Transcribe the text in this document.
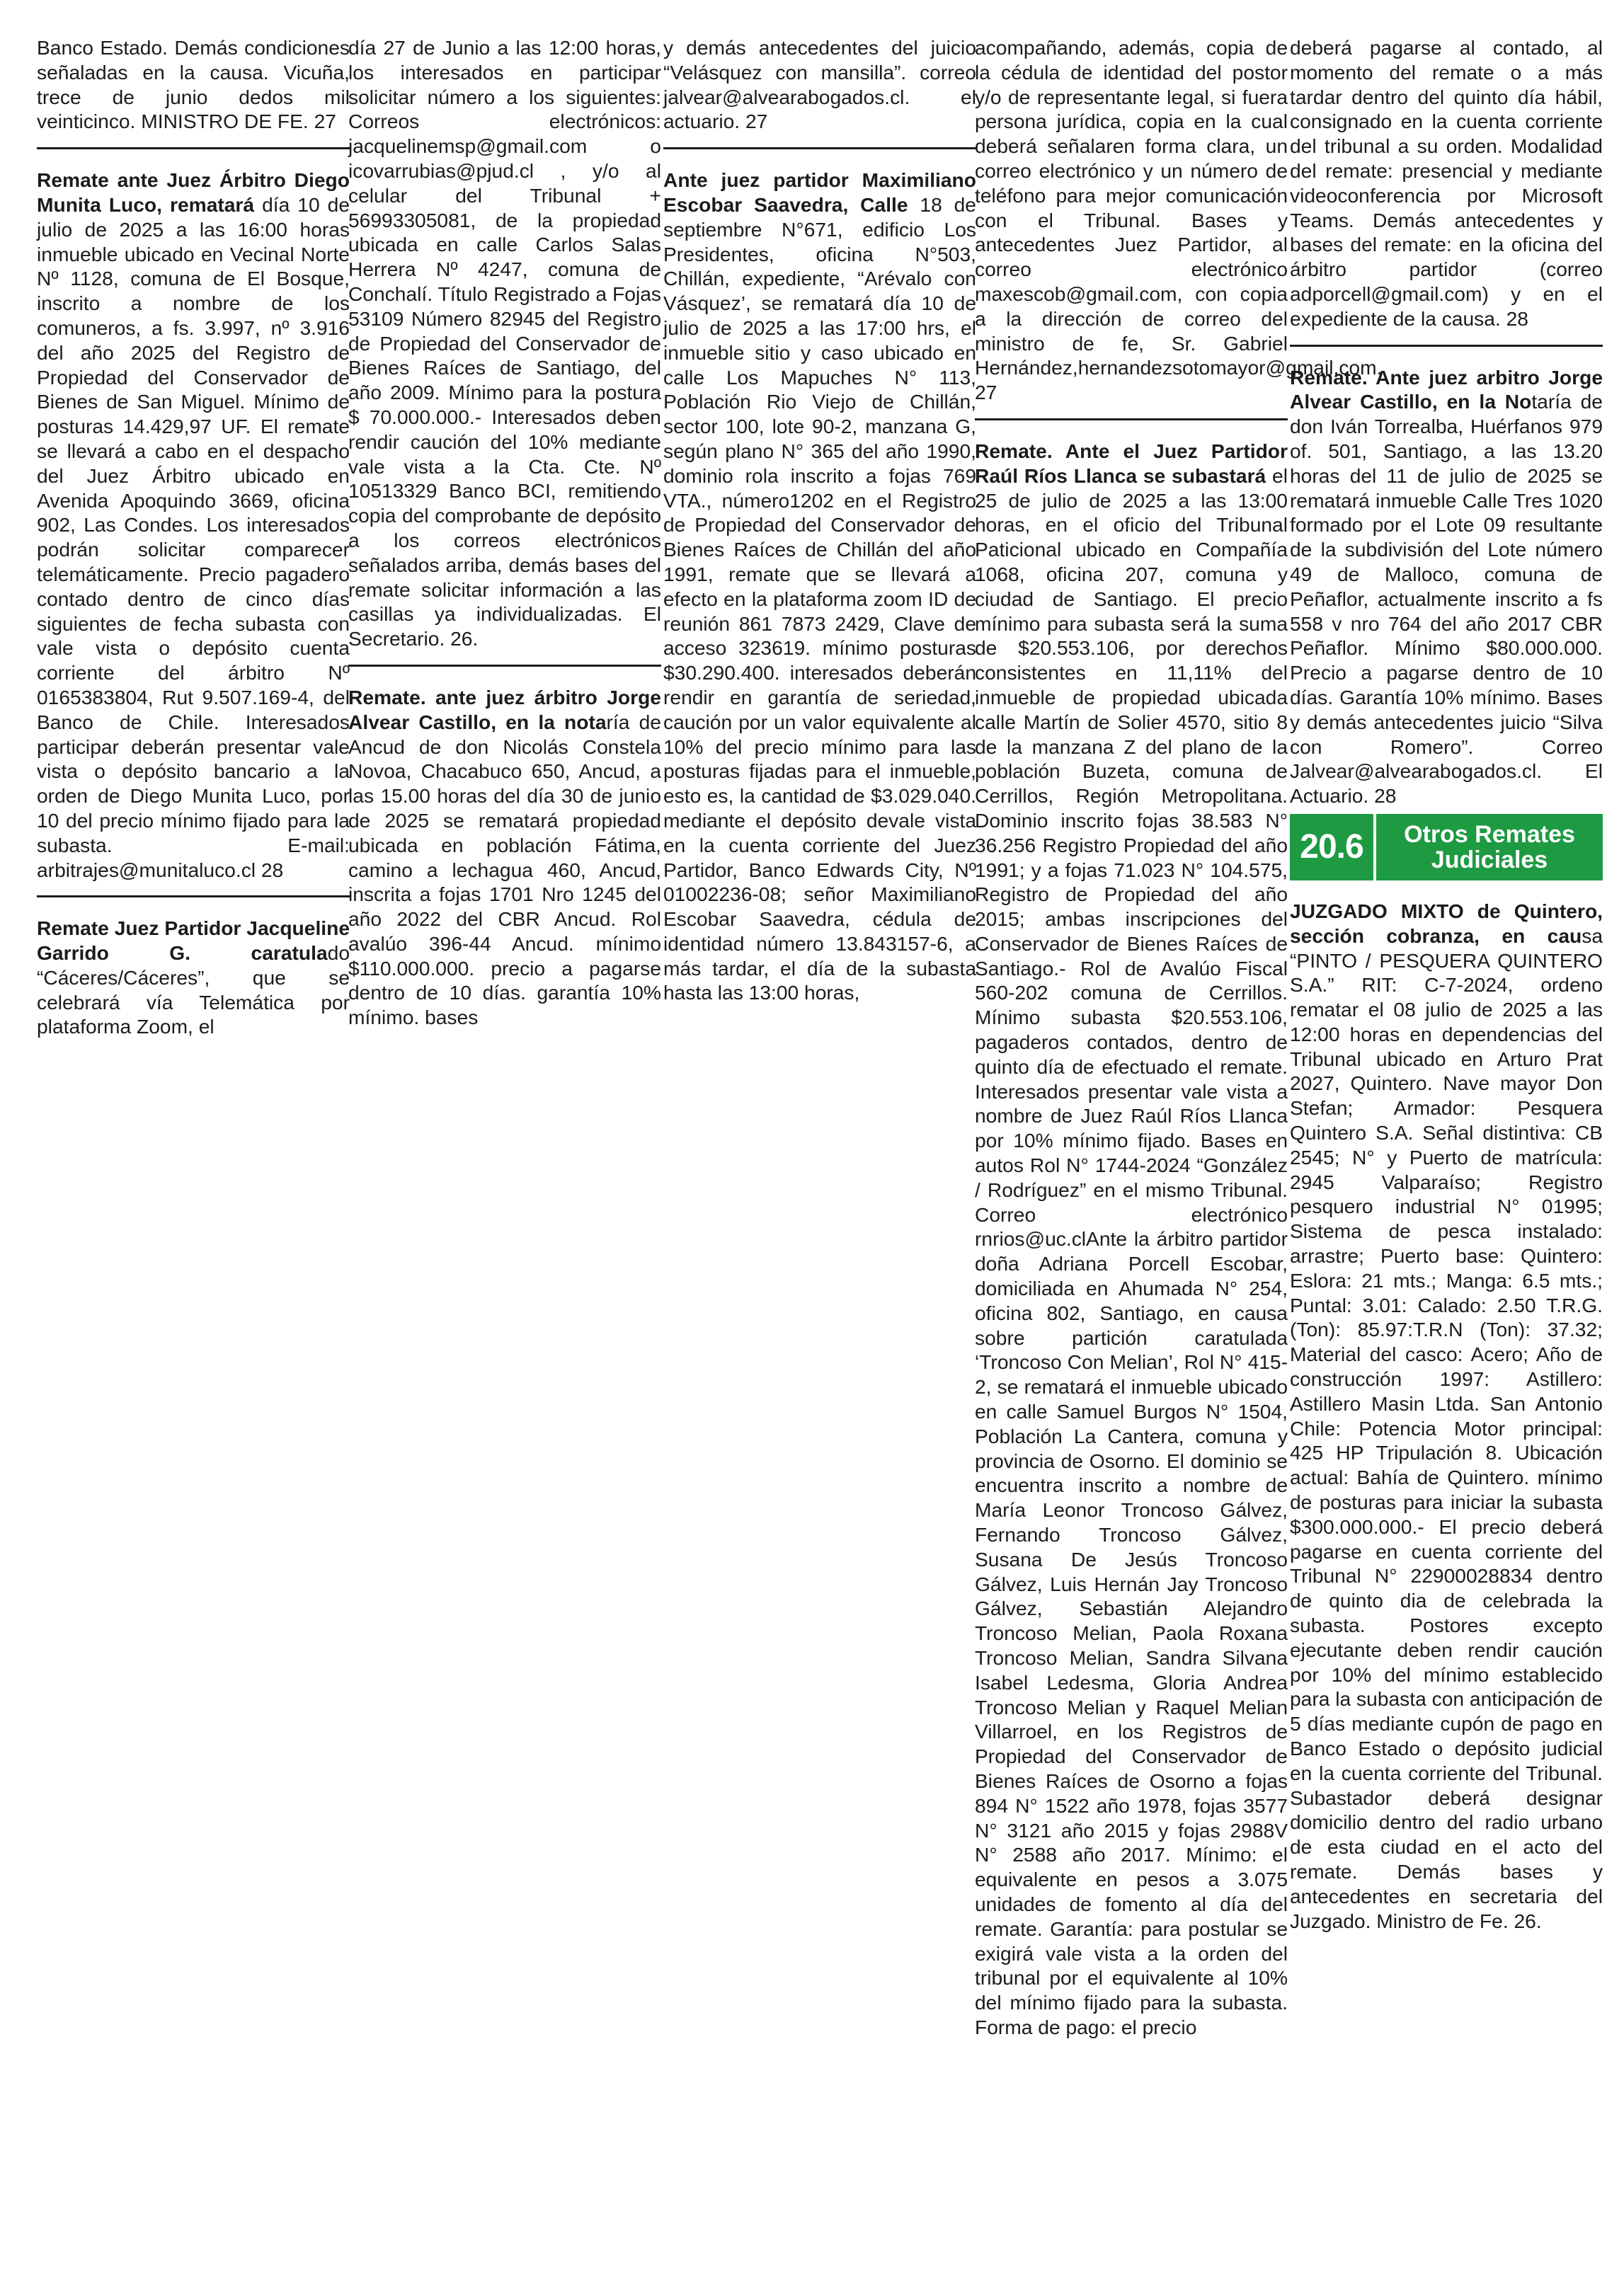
Banco Estado. Demás condiciones señaladas en la causa. Vicuña, trece de junio dedos mil veinticinco. MINISTRO DE FE. 27

Remate ante Juez Árbitro Diego Munita Luco, rematará día 10 de julio de 2025 a las 16:00 horas inmueble ubicado en Vecinal Norte Nº 1128, comuna de El Bosque, inscrito a nombre de los comuneros, a fs. 3.997, nº 3.916 del año 2025 del Registro de Propiedad del Conservador de Bienes de San Miguel. Mínimo de posturas 14.429,97 UF. El remate se llevará a cabo en el despacho del Juez Árbitro ubicado en Avenida Apoquindo 3669, oficina 902, Las Condes. Los interesados podrán solicitar comparecer telemáticamente. Precio pagadero contado dentro de cinco días siguientes de fecha subasta con vale vista o depósito cuenta corriente del árbitro Nº 0165383804, Rut 9.507.169-4, del Banco de Chile. Interesados participar deberán presentar vale vista o depósito bancario a la orden de Diego Munita Luco, por 10 del precio mínimo fijado para la subasta. E-mail: arbitrajes@munitaluco.cl 28

Remate Juez Partidor Jacqueline Garrido G. caratulado “Cáceres/Cáceres”, que se celebrará vía Telemática por plataforma Zoom, el

día 27 de Junio a las 12:00 horas, los interesados en participar solicitar número a los siguientes: Correos electrónicos: jacquelinemsp@gmail.com o icovarrubias@pjud.cl , y/o al celular del Tribunal + 56993305081, de la propiedad ubicada en calle Carlos Salas Herrera Nº 4247, comuna de Conchalí. Título Registrado a Fojas 53109 Número 82945 del Registro de Propiedad del Conservador de Bienes Raíces de Santiago, del año 2009. Mínimo para la postura $ 70.000.000.- Interesados deben rendir caución del 10% mediante vale vista a la Cta. Cte. Nº 10513329 Banco BCI, remitiendo copia del comprobante de depósito a los correos electrónicos señalados arriba, demás bases del remate solicitar información a las casillas ya individualizadas. El Secretario. 26.

Remate. ante juez árbitro Jorge Alvear Castillo, en la notaría de Ancud de don Nicolás Constela Novoa, Chacabuco 650, Ancud, a las 15.00 horas del día 30 de junio de 2025 se rematará propiedad ubicada en población Fátima, camino a lechagua 460, Ancud, inscrita a fojas 1701 Nro 1245 del año 2022 del CBR Ancud. Rol avalúo 396-44 Ancud. mínimo $110.000.000. precio a pagarse dentro de 10 días. garantía 10% mínimo. bases

y demás antecedentes del juicio “Velásquez con mansilla”. correo jalvear@alvearabogados.cl. el actuario. 27

Ante juez partidor Maximiliano Escobar Saavedra, Calle 18 de septiembre N°671, edificio Los Presidentes, oficina N°503, Chillán, expediente, “Arévalo con Vásquez’, se rematará día 10 de julio de 2025 a las 17:00 hrs, el inmueble sitio y caso ubicado en calle Los Mapuches N° 113, Población Rio Viejo de Chillán, sector 100, lote 90-2, manzana G, según plano N° 365 del año 1990, dominio rola inscrito a fojas 769 VTA., número1202 en el Registro de Propiedad del Conservador de Bienes Raíces de Chillán del año 1991, remate que se llevará a efecto en la plataforma zoom ID de reunión 861 7873 2429, Clave de acceso 323619. mínimo posturas $30.290.400. interesados deberán rendir en garantía de seriedad, caución por un valor equivalente al 10% del precio mínimo para las posturas fijadas para el inmueble, esto es, la cantidad de $3.029.040. mediante el depósito devale vista en la cuenta corriente del Juez Partidor, Banco Edwards City, Nº 01002236-08; señor Maximiliano Escobar Saavedra, cédula de identidad número 13.843157-6, a más tardar, el día de la subasta hasta las 13:00 horas,

acompañando, además, copia de la cédula de identidad del postor y/o de representante legal, si fuera persona jurídica, copia en la cual deberá señalaren forma clara, un correo electrónico y un número de teléfono para mejor comunicación con el Tribunal. Bases y antecedentes Juez Partidor, al correo electrónico maxescob@gmail.com, con copia a la dirección de correo del ministro de fe, Sr. Gabriel Hernández,hernandezsotomayor@gmail.com. 27

Remate. Ante el Juez Partidor Raúl Ríos Llanca se subastará el 25 de julio de 2025 a las 13:00 horas, en el oficio del Tribunal Paticional ubicado en Compañía 1068, oficina 207, comuna y ciudad de Santiago. El precio mínimo para subasta será la suma de $20.553.106, por derechos consistentes en 11,11% del inmueble de propiedad ubicada calle Martín de Solier 4570, sitio 8 de la manzana Z del plano de la población Buzeta, comuna de Cerrillos, Región Metropolitana. Dominio inscrito fojas 38.583 N° 36.256 Registro Propiedad del año 1991; y a fojas 71.023 N° 104.575, Registro de Propiedad del año 2015; ambas inscripciones del Conservador de Bienes Raíces de Santiago.- Rol de Avalúo Fiscal 560-202 comuna de Cerrillos. Mínimo subasta $20.553.106, pagaderos contados, dentro de quinto día de efectuado el remate. Interesados presentar vale vista a nombre de Juez Raúl Ríos Llanca por 10% mínimo fijado. Bases en autos Rol N° 1744-2024 “González / Rodríguez” en el mismo Tribunal. Correo electrónico rnrios@uc.clAnte la árbitro partidor doña Adriana Porcell Escobar, domiciliada en Ahumada N° 254, oficina 802, Santiago, en causa sobre partición caratulada ‘Troncoso Con Melian’, Rol N° 415-2, se rematará el inmueble ubicado en calle Samuel Burgos N° 1504, Población La Cantera, comuna y provincia de Osorno. El dominio se encuentra inscrito a nombre de María Leonor Troncoso Gálvez, Fernando Troncoso Gálvez, Susana De Jesús Troncoso Gálvez, Luis Hernán Jay Troncoso Gálvez, Sebastián Alejandro Troncoso Melian, Paola Roxana Troncoso Melian, Sandra Silvana Isabel Ledesma, Gloria Andrea Troncoso Melian y Raquel Melian Villarroel, en los Registros de Propiedad del Conservador de Bienes Raíces de Osorno a fojas 894 N° 1522 año 1978, fojas 3577 N° 3121 año 2015 y fojas 2988V N° 2588 año 2017. Mínimo: el equivalente en pesos a 3.075 unidades de fomento al día del remate. Garantía: para postular se exigirá vale vista a la orden del tribunal por el equivalente al 10% del mínimo fijado para la subasta. Forma de pago: el precio

deberá pagarse al contado, al momento del remate o a más tardar dentro del quinto día hábil, consignado en la cuenta corriente del tribunal a su orden. Modalidad del remate: presencial y mediante videoconferencia por Microsoft Teams. Demás antecedentes y bases del remate: en la oficina del árbitro partidor (correo adporcell@gmail.com) y en el expediente de la causa. 28

Remate. Ante juez arbitro Jorge Alvear Castillo, en la Notaría de don Iván Torrealba, Huérfanos 979 of. 501, Santiago, a las 13.20 horas del 11 de julio de 2025 se rematará inmueble Calle Tres 1020 formado por el Lote 09 resultante de la subdivisión del Lote número 49 de Malloco, comuna de Peñaflor, actualmente inscrito a fs 558 v nro 764 del año 2017 CBR Peñaflor. Mínimo $80.000.000. Precio a pagarse dentro de 10 días. Garantía 10% mínimo. Bases y demás antecedentes juicio “Silva con Romero”. Correo Jalvear@alvearabogados.cl. El Actuario. 28

20.6	Otros Remates
Judiciales

JUZGADO MIXTO de Quintero, sección cobranza, en causa “PINTO / PESQUERA QUINTERO S.A.” RIT: C-7-2024, ordeno rematar el 08 julio de 2025 a las 12:00 horas en dependencias del Tribunal ubicado en Arturo Prat 2027, Quintero. Nave mayor Don Stefan; Armador: Pesquera Quintero S.A. Señal distintiva: CB 2545; N° y Puerto de matrícula: 2945 Valparaíso; Registro pesquero industrial N° 01995; Sistema de pesca instalado: arrastre; Puerto base: Quintero: Eslora: 21 mts.; Manga: 6.5 mts.; Puntal: 3.01: Calado: 2.50 T.R.G. (Ton): 85.97:T.R.N (Ton): 37.32; Material del casco: Acero; Año de construcción 1997: Astillero: Astillero Masin Ltda. San Antonio Chile: Potencia Motor principal: 425 HP Tripulación 8. Ubicación actual: Bahía de Quintero. mínimo de posturas para iniciar la subasta $300.000.000.- El precio deberá pagarse en cuenta corriente del Tribunal N° 22900028834 dentro de quinto dia de celebrada la subasta. Postores excepto ejecutante deben rendir caución por 10% del mínimo establecido para la subasta con anticipación de 5 días mediante cupón de pago en Banco Estado o depósito judicial en la cuenta corriente del Tribunal. Subastador deberá designar domicilio dentro del radio urbano de esta ciudad en el acto del remate. Demás bases y antecedentes en secretaria del Juzgado. Ministro de Fe. 26.
